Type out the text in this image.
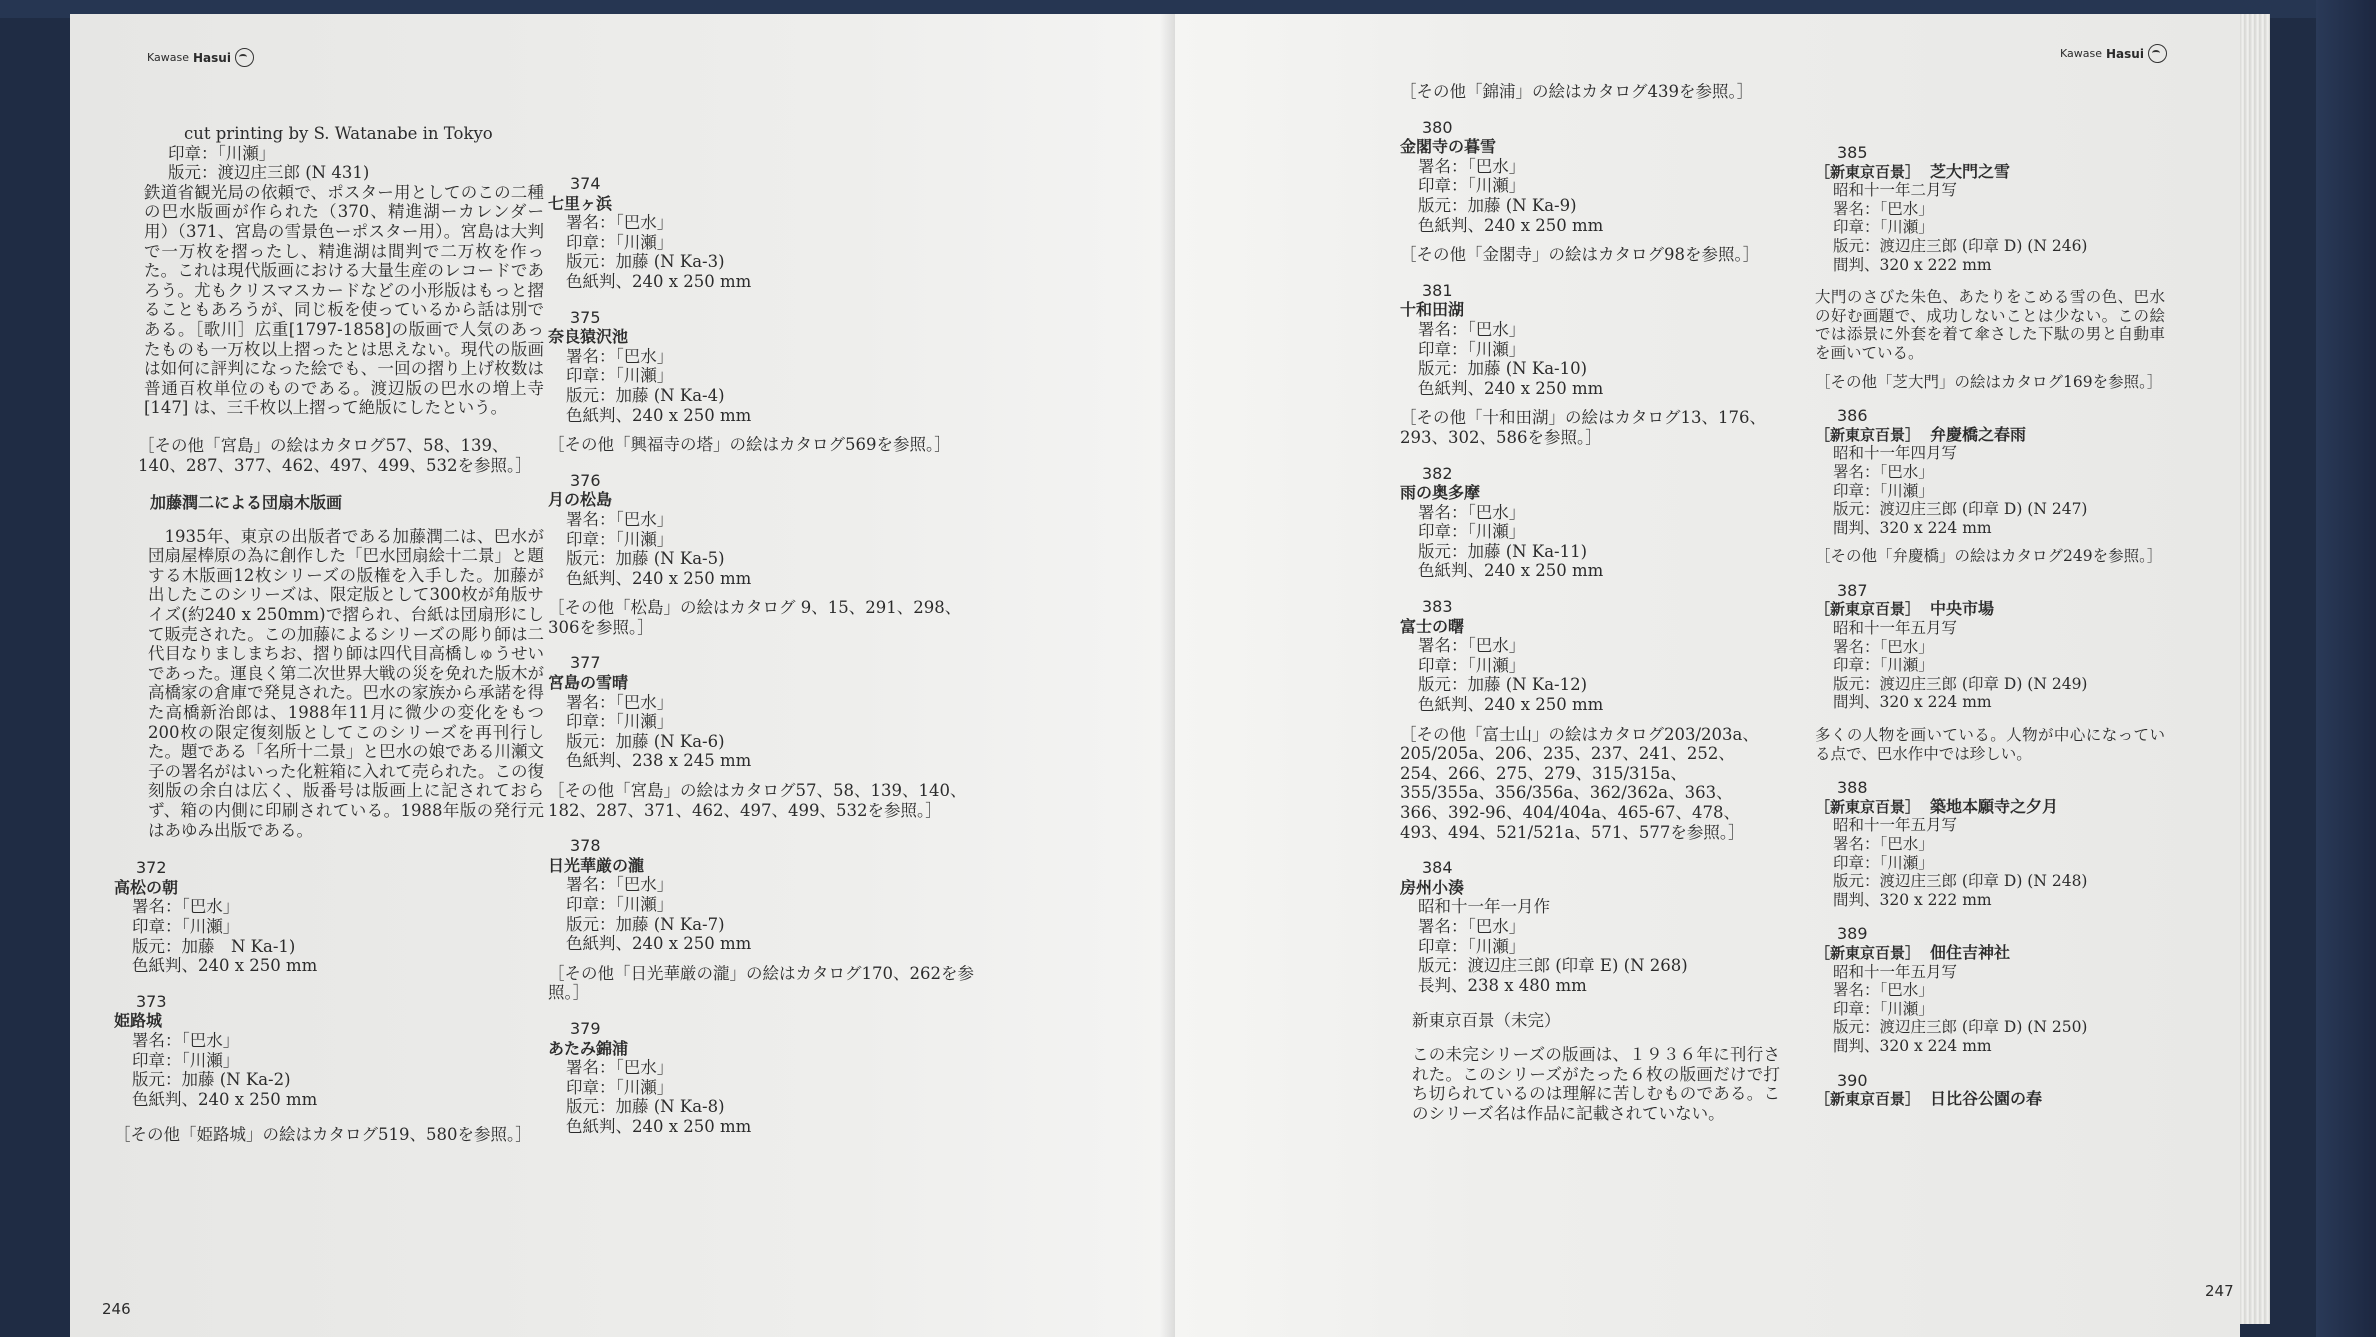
Kawase Hasui
cut printing by S. Watanabe in Tokyo
印章：「川瀬」
版元：渡辺庄三郎 (N 431)

鉄道省観光局の依頼で、ポスター用としてのこの二種の巴水版画が作られた（370、精進湖ーカレンダー用）（371、宮島の雪景色ーポスター用）。宮島は大判で一万枚を摺ったし、精進湖は間判で二万枚を作った。これは現代版画における大量生産のレコードであろう。尤もクリスマスカードなどの小形版はもっと摺ることもあろうが、同じ板を使っているから話は別である。［歌川］広重[1797-1858]の版画で人気のあったものも一万枚以上摺ったとは思えない。現代の版画は如何に評判になった絵でも、一回の摺り上げ枚数は普通百枚単位のものである。渡辺版の巴水の増上寺 [147] は、三千枚以上摺って絶版にしたという。

［その他「宮島」の絵はカタログ57、58、139、140、287、377、462、497、499、532を参照。］
加藤潤二による団扇木版画

1935年、東京の出版者である加藤潤二は、巴水が団扇屋棒原の為に創作した「巴水団扇絵十二景」と題する木版画12枚シリーズの版権を入手した。加藤が出したこのシリーズは、限定版として300枚が角版サイズ(約240 x 250mm)で摺られ、台紙は団扇形にして販売された。この加藤によるシリーズの彫り師は二代目なりましまちお、摺り師は四代目高橋しゅうせいであった。運良く第二次世界大戦の災を免れた版木が高橋家の倉庫で発見された。巴水の家族から承諾を得た高橋新治郎は、1988年11月に微少の変化をもつ200枚の限定復刻版としてこのシリーズを再刊行した。題である「名所十二景」と巴水の娘である川瀬文子の署名がはいった化粧箱に入れて売られた。この復刻版の余白は広く、版番号は版画上に記されておらず、箱の内側に印刷されている。1988年版の発行元はあゆみ出版である。

372
高松の朝
署名：「巴水」
印章：「川瀬」
版元：加藤　N Ka-1)
色紙判、240 x 250 mm
373
姫路城
署名：「巴水」
印章：「川瀬」
版元：加藤 (N Ka-2)
色紙判、240 x 250 mm
［その他「姫路城」の絵はカタログ519、580を参照。］
374
七里ヶ浜
署名：「巴水」
印章：「川瀬」
版元：加藤 (N Ka-3)
色紙判、240 x 250 mm
375
奈良猿沢池
署名：「巴水」
印章：「川瀬」
版元：加藤 (N Ka-4)
色紙判、240 x 250 mm
［その他「興福寺の塔」の絵はカタログ569を参照。］
376
月の松島
署名：「巴水」
印章：「川瀬」
版元：加藤 (N Ka-5)
色紙判、240 x 250 mm
［その他「松島」の絵はカタログ 9、15、291、298、306を参照。］
377
宮島の雪晴
署名：「巴水」
印章：「川瀬」
版元：加藤 (N Ka-6)
色紙判、238 x 245 mm
［その他「宮島」の絵はカタログ57、58、139、140、182、287、371、462、497、499、532を参照。］
378
日光華厳の瀧
署名：「巴水」
印章：「川瀬」
版元：加藤 (N Ka-7)
色紙判、240 x 250 mm
［その他「日光華厳の瀧」の絵はカタログ170、262を参照。］
379
あたみ錦浦
署名：「巴水」
印章：「川瀬」
版元：加藤 (N Ka-8)
色紙判、240 x 250 mm
246
Kawase Hasui
［その他「錦浦」の絵はカタログ439を参照。］
380
金閣寺の暮雪
署名：「巴水」
印章：「川瀬」
版元：加藤 (N Ka-9)
色紙判、240 x 250 mm
［その他「金閣寺」の絵はカタログ98を参照。］
381
十和田湖
署名：「巴水」
印章：「川瀬」
版元：加藤 (N Ka-10)
色紙判、240 x 250 mm
［その他「十和田湖」の絵はカタログ13、176、293、302、586を参照。］
382
雨の奥多摩
署名：「巴水」
印章：「川瀬」
版元：加藤 (N Ka-11)
色紙判、240 x 250 mm
383
富士の曙
署名：「巴水」
印章：「川瀬」
版元：加藤 (N Ka-12)
色紙判、240 x 250 mm
［その他「富士山」の絵はカタログ203/203a、205/205a、206、235、237、241、252、254、266、275、279、315/315a、355/355a、356/356a、362/362a、363、366、392-96、404/404a、465-67、478、493、494、521/521a、571、577を参照。］
384
房州小湊
昭和十一年一月作
署名：「巴水」
印章：「川瀬」
版元：渡辺庄三郎 (印章 E) (N 268)
長判、238 x 480 mm
新東京百景（未完）

この未完シリーズの版画は、１９３６年に刊行された。このシリーズがたった６枚の版画だけで打ち切られているのは理解に苦しむものである。このシリーズ名は作品に記載されていない。

385
［新東京百景］ 芝大門之雪
昭和十一年二月写
署名：「巴水」
印章：「川瀬」
版元：渡辺庄三郎 (印章 D) (N 246)
間判、320 x 222 mm

大門のさびた朱色、あたりをこめる雪の色、巴水の好む画題で、成功しないことは少ない。この絵では添景に外套を着て傘さした下駄の男と自動車を画いている。

［その他「芝大門」の絵はカタログ169を参照。］
386
［新東京百景］ 弁慶橋之春雨
昭和十一年四月写
署名：「巴水」
印章：「川瀬」
版元：渡辺庄三郎 (印章 D) (N 247)
間判、320 x 224 mm
［その他「弁慶橋」の絵はカタログ249を参照。］
387
［新東京百景］ 中央市場
昭和十一年五月写
署名：「巴水」
印章：「川瀬」
版元：渡辺庄三郎 (印章 D) (N 249)
間判、320 x 224 mm

多くの人物を画いている。人物が中心になっている点で、巴水作中では珍しい。

388
［新東京百景］ 築地本願寺之夕月
昭和十一年五月写
署名：「巴水」
印章：「川瀬」
版元：渡辺庄三郎 (印章 D) (N 248)
間判、320 x 222 mm
389
［新東京百景］ 佃住吉神社
昭和十一年五月写
署名：「巴水」
印章：「川瀬」
版元：渡辺庄三郎 (印章 D) (N 250)
間判、320 x 224 mm
390
［新東京百景］ 日比谷公園の春
247
